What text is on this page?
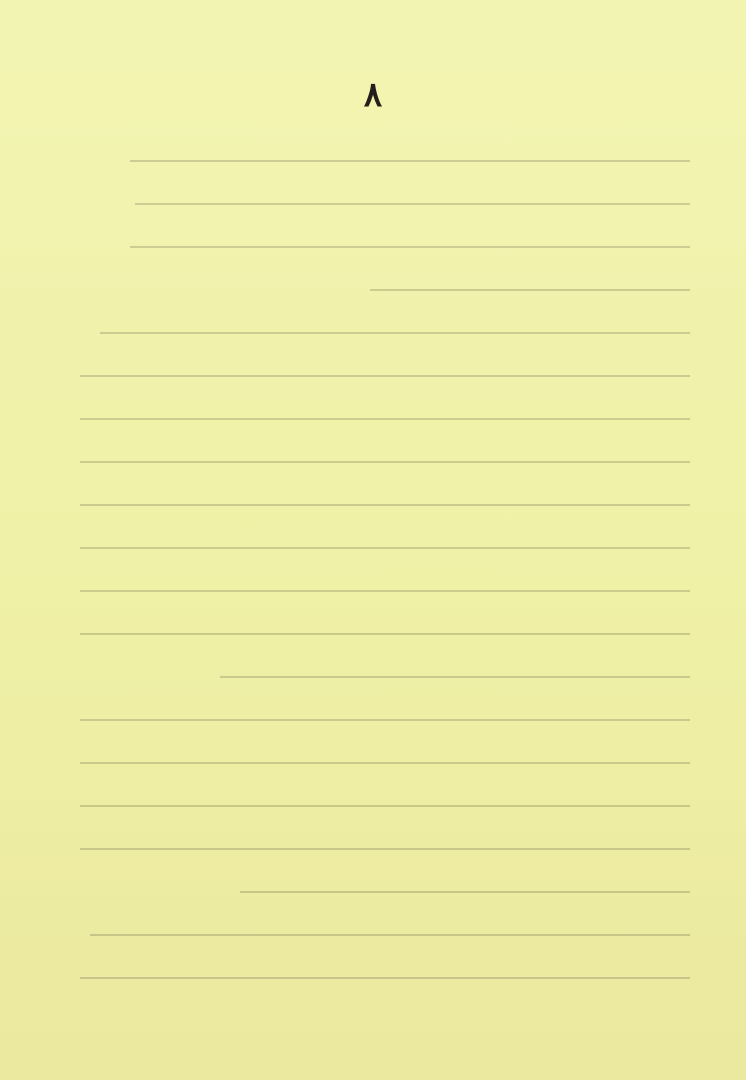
۸
